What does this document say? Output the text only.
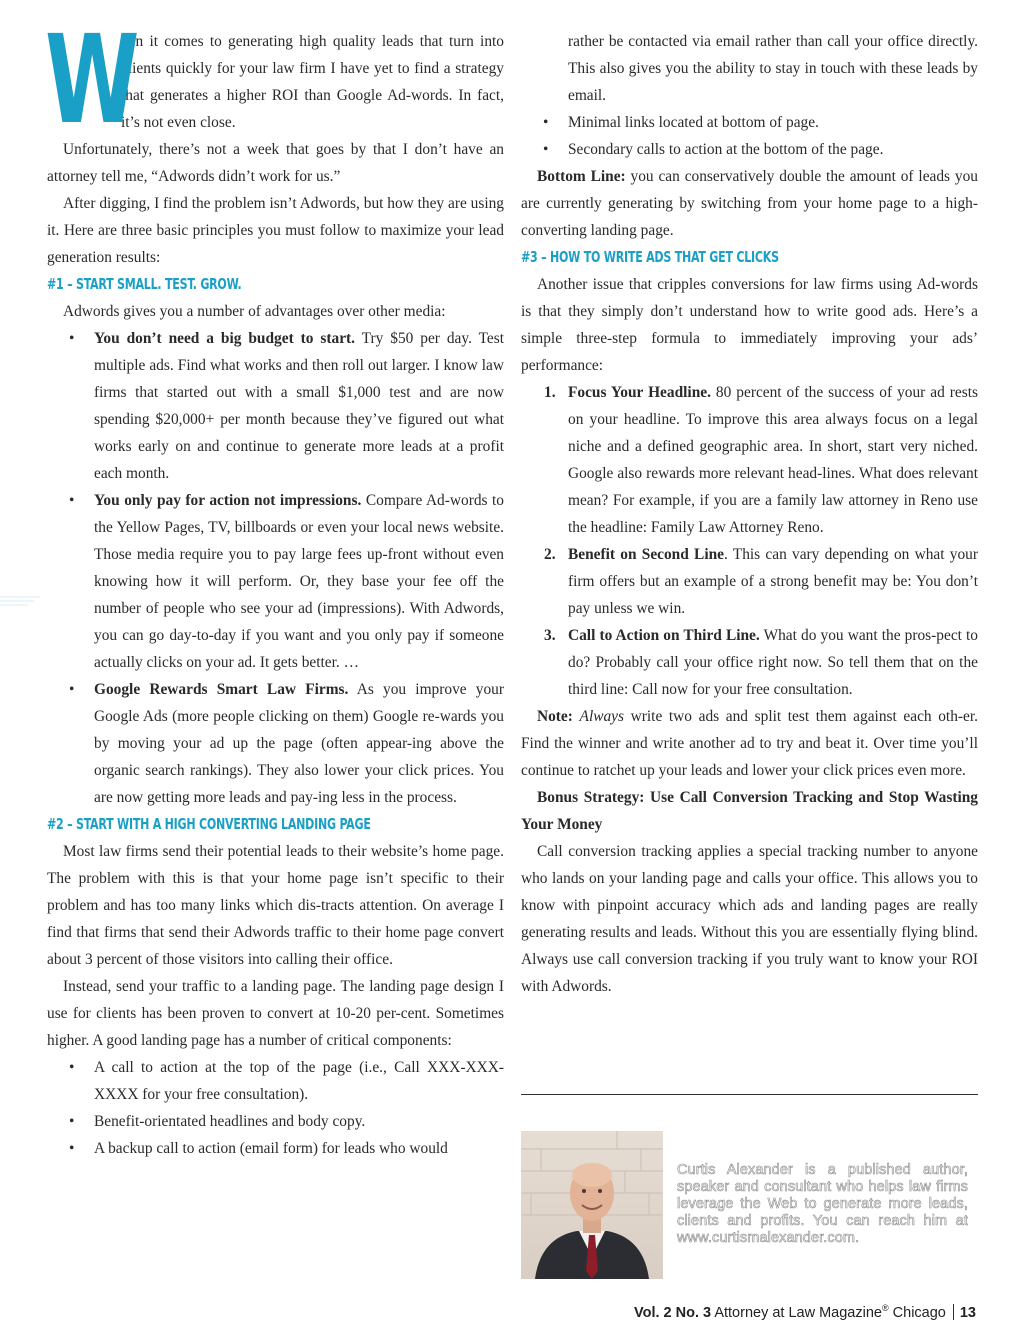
W

hen it comes to generating high quality leads that turn into clients quickly for your law firm I have yet to find a strategy that generates a higher ROI than Google Ad-words. In fact, it’s not even close.

Unfortunately, there’s not a week that goes by that I don’t have an attorney tell me, “Adwords didn’t work for us.”

After digging, I find the problem isn’t Adwords, but how they are using it. Here are three basic principles you must follow to maximize your lead generation results:

#1 – START SMALL. TEST. GROW.

Adwords gives you a number of advantages over other media:

• You don’t need a big budget to start. Try $50 per day. Test multiple ads. Find what works and then roll out larger. I know law firms that started out with a small $1,000 test and are now spending $20,000+ per month because they’ve figured out what works early on and continue to generate more leads at a profit each month.
• You only pay for action not impressions. Compare Ad-words to the Yellow Pages, TV, billboards or even your local news website. Those media require you to pay large fees up-front without even knowing how it will perform. Or, they base your fee off the number of people who see your ad (impressions). With Adwords, you can go day-to-day if you want and you only pay if someone actually clicks on your ad. It gets better. …
• Google Rewards Smart Law Firms. As you improve your Google Ads (more people clicking on them) Google re-wards you by moving your ad up the page (often appear-ing above the organic search rankings). They also lower your click prices. You are now getting more leads and pay-ing less in the process.
#2 – START WITH A HIGH CONVERTING LANDING PAGE

Most law firms send their potential leads to their website’s home page. The problem with this is that your home page isn’t specific to their problem and has too many links which dis-tracts attention. On average I find that firms that send their Adwords traffic to their home page convert about 3 percent of those visitors into calling their office.

Instead, send your traffic to a landing page. The landing page design I use for clients has been proven to convert at 10-20 per-cent. Sometimes higher. A good landing page has a number of critical components:

• A call to action at the top of the page (i.e., Call XXX-XXX-XXXX for your free consultation).
• Benefit-orientated headlines and body copy.
• A backup call to action (email form) for leads who would
rather be contacted via email rather than call your office directly. This also gives you the ability to stay in touch with these leads by email.
• Minimal links located at bottom of page.
• Secondary calls to action at the bottom of the page.

Bottom Line: you can conservatively double the amount of leads you are currently generating by switching from your home page to a high-converting landing page.

#3 – HOW TO WRITE ADS THAT GET CLICKS

Another issue that cripples conversions for law firms using Ad-words is that they simply don’t understand how to write good ads. Here’s a simple three-step formula to immediately improving your ads’ performance:

1. Focus Your Headline. 80 percent of the success of your ad rests on your headline. To improve this area always focus on a legal niche and a defined geographic area. In short, start very niched. Google also rewards more relevant head-lines. What does relevant mean? For example, if you are a family law attorney in Reno use the headline: Family Law Attorney Reno.
2. Benefit on Second Line. This can vary depending on what your firm offers but an example of a strong benefit may be: You don’t pay unless we win.
3. Call to Action on Third Line. What do you want the pros-pect to do? Probably call your office right now. So tell them that on the third line: Call now for your free consultation.

Note: Always write two ads and split test them against each oth-er. Find the winner and write another ad to try and beat it. Over time you’ll continue to ratchet up your leads and lower your click prices even more.

Bonus Strategy: Use Call Conversion Tracking and Stop Wasting Your Money

Call conversion tracking applies a special tracking number to anyone who lands on your landing page and calls your office. This allows you to know with pinpoint accuracy which ads and landing pages are really generating results and leads. Without this you are essentially flying blind. Always use call conversion tracking if you truly want to know your ROI with Adwords.

Curtis Alexander is a published author, speaker and consultant who helps law firms leverage the Web to generate more leads, clients and profits. You can reach him at www.curtismalexander.com.
Vol. 2 No. 3 Attorney at Law Magazine® Chicago 13
